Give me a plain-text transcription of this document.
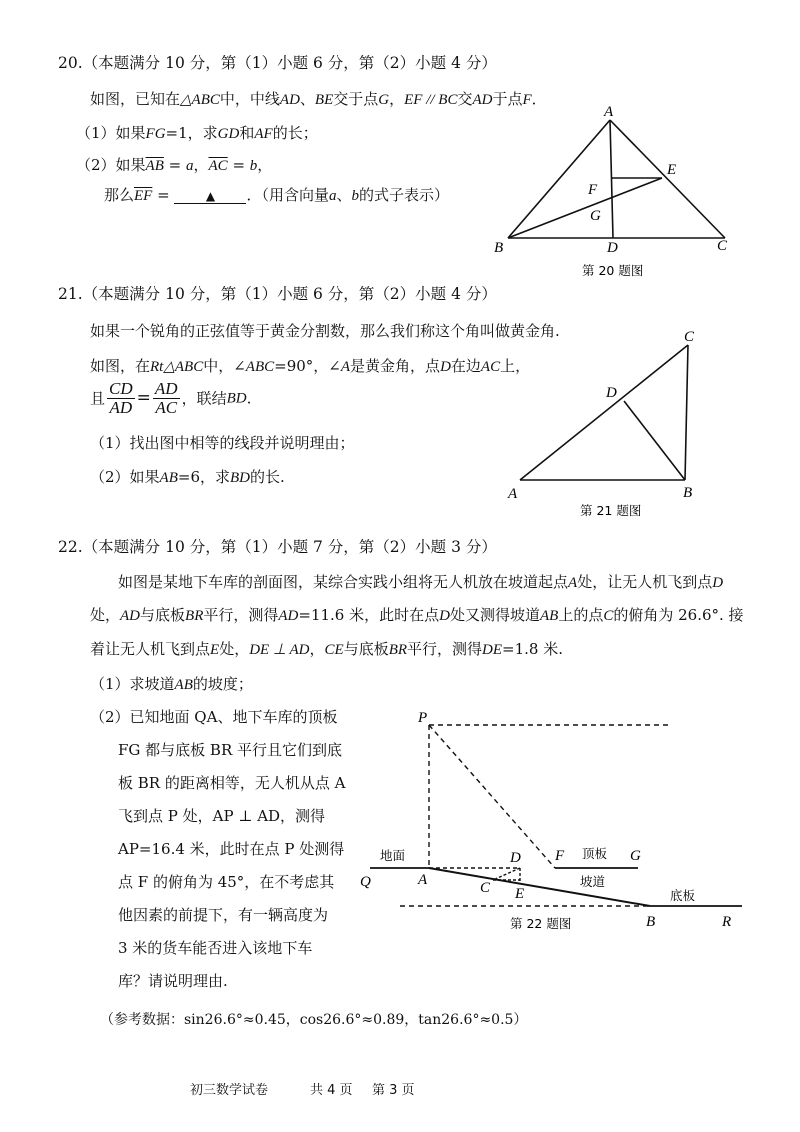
20.（本题满分 10 分，第（1）小题 6 分，第（2）小题 4 分）
如图，已知在△ABC中，中线AD、BE交于点G，EF // BC交AD于点F．
（1）如果FG=1，求GD和AF的长；
（2）如果$\overline{AB} = a$，$\overline{AC} = b$，
那么$\overline{EF}$ =	▲ ．（用含向量a、b的式子表示）
A
B	C
D
E
F
G
第 20 题图
21.（本题满分 10 分，第（1）小题 6 分，第（2）小题 4 分）
如果一个锐角的正弦值等于黄金分割数，那么我们称这个角叫做黄金角.
如图，在Rt△ABC中，∠ABC=90°，∠A是黄金角，点D在边AC上，
且 $\frac{CD}{AD} = \frac{AD}{AC}$ ，联结BD.
（1）找出图中相等的线段并说明理由；
（2）如果AB=6，求BD的长.
A	B
C
D
第 21 题图
22.（本题满分 10 分，第（1）小题 7 分，第（2）小题 3 分）
如图是某地下车库的剖面图，某综合实践小组将无人机放在坡道起点A处，让无人机飞到点D
处，AD与底板BR平行，测得AD=11.6 米，此时在点D处又测得坡道AB上的点C的俯角为 26.6°. 接
着让无人机飞到点E处，DE ⊥ AD，CE与底板BR平行，测得DE=1.8 米.
（1）求坡道AB的坡度；
（2）已知地面 QA、地下车库的顶板
FG 都与底板 BR 平行且它们到底
板 BR 的距离相等，无人机从点 A
飞到点 P 处，AP ⊥ AD，测得
AP=16.4 米，此时在点 P 处测得
点 F 的俯角为 45°，在不考虑其
他因素的前提下，有一辆高度为
3 米的货车能否进入该地下车
库？请说明理由.
（参考数据：sin26.6°≈0.45，cos26.6°≈0.89，tan26.6°≈0.5）
P
Q	A
D
C E
F	G
B	R
地面	顶板
坡道
底板
第 22 题图
初三数学试卷	共 4 页 第 3 页
